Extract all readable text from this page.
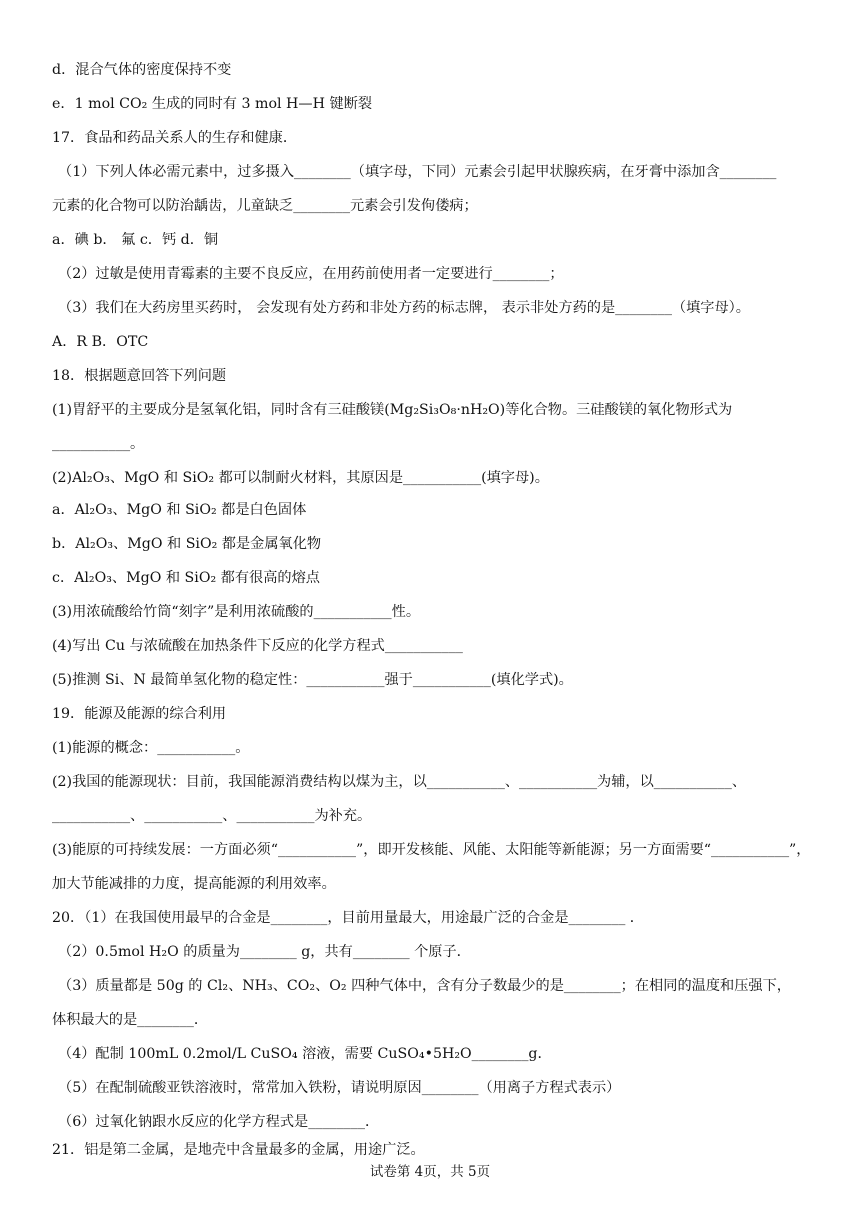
d．混合气体的密度保持不变
e．1 mol CO₂ 生成的同时有 3 mol H—H 键断裂
17．食品和药品关系人的生存和健康．
（1）下列人体必需元素中，过多摄入________（填字母，下同）元素会引起甲状腺疾病，在牙膏中添加含________
元素的化合物可以防治龋齿，儿童缺乏________元素会引发佝偻病；
a．碘 b． 氟 c．钙 d．铜
（2）过敏是使用青霉素的主要不良反应，在用药前使用者一定要进行________；
（3）我们在大药房里买药时， 会发现有处方药和非处方药的标志牌， 表示非处方药的是________（填字母）。
A．R B．OTC
18．根据题意回答下列问题
(1)胃舒平的主要成分是氢氧化铝，同时含有三硅酸镁(Mg₂Si₃O₈·nH₂O)等化合物。三硅酸镁的氧化物形式为
___________。
(2)Al₂O₃、MgO 和 SiO₂ 都可以制耐火材料，其原因是___________(填字母)。
a．Al₂O₃、MgO 和 SiO₂ 都是白色固体
b．Al₂O₃、MgO 和 SiO₂ 都是金属氧化物
c．Al₂O₃、MgO 和 SiO₂ 都有很高的熔点
(3)用浓硫酸给竹筒“刻字”是利用浓硫酸的___________性。
(4)写出 Cu 与浓硫酸在加热条件下反应的化学方程式___________
(5)推测 Si、N 最简单氢化物的稳定性：___________强于___________(填化学式)。
19．能源及能源的综合利用
(1)能源的概念：___________。
(2)我国的能源现状：目前，我国能源消费结构以煤为主，以___________、___________为辅，以___________、
___________、___________、___________为补充。
(3)能原的可持续发展：一方面必须“___________”，即开发核能、风能、太阳能等新能源；另一方面需要“___________”，
加大节能减排的力度，提高能源的利用效率。
20．（1）在我国使用最早的合金是________，目前用量最大，用途最广泛的合金是________ ．
（2）0.5mol H₂O 的质量为________ g，共有________ 个原子．
（3）质量都是 50g 的 Cl₂、NH₃、CO₂、O₂ 四种气体中，含有分子数最少的是________；在相同的温度和压强下，
体积最大的是________．
（4）配制 100mL 0.2mol/L CuSO₄ 溶液，需要 CuSO₄•5H₂O________g．
（5）在配制硫酸亚铁溶液时，常常加入铁粉，请说明原因________（用离子方程式表示）
（6）过氧化钠跟水反应的化学方程式是________．
21．铝是第二金属，是地壳中含量最多的金属，用途广泛。
试卷第 4页，共 5页
